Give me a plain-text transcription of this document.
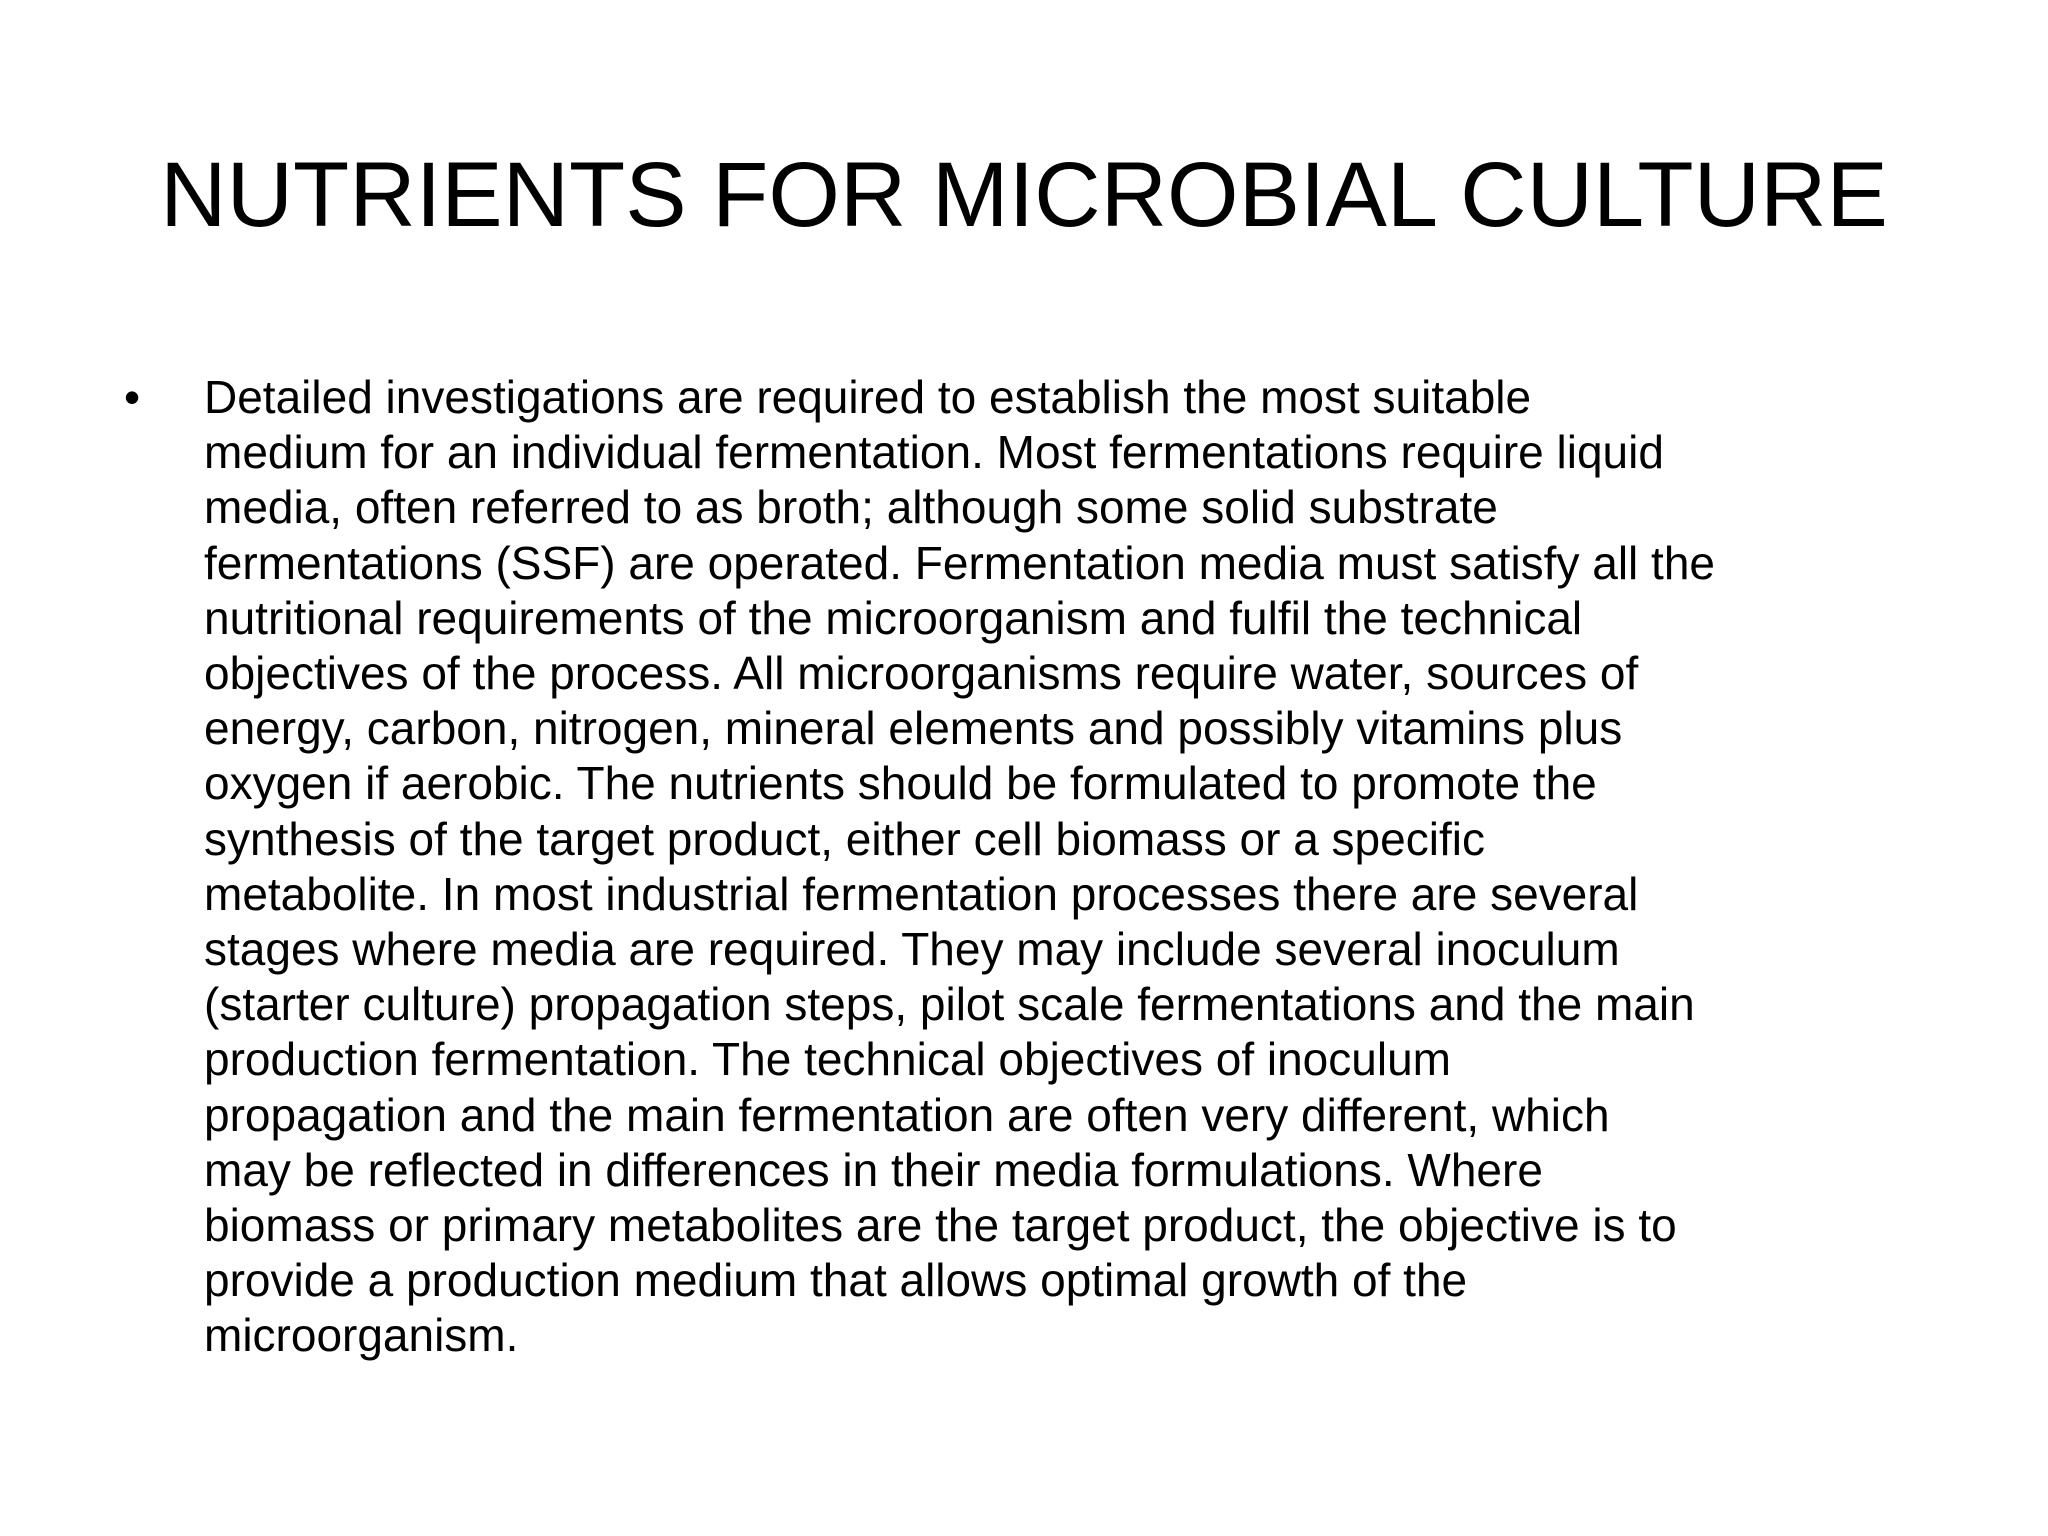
NUTRIENTS FOR MICROBIAL CULTURE
• Detailed investigations are required to establish the most suitable
medium for an individual fermentation. Most fermentations require liquid
media, often referred to as broth; although some solid substrate
fermentations (SSF) are operated. Fermentation media must satisfy all the
nutritional requirements of the microorganism and fulfil the technical
objectives of the process. All microorganisms require water, sources of
energy, carbon, nitrogen, mineral elements and possibly vitamins plus
oxygen if aerobic. The nutrients should be formulated to promote the
synthesis of the target product, either cell biomass or a specific
metabolite. In most industrial fermentation processes there are several
stages where media are required. They may include several inoculum
(starter culture) propagation steps, pilot scale fermentations and the main
production fermentation. The technical objectives of inoculum
propagation and the main fermentation are often very different, which
may be reflected in differences in their media formulations. Where
biomass or primary metabolites are the target product, the objective is to
provide a production medium that allows optimal growth of the
microorganism.
